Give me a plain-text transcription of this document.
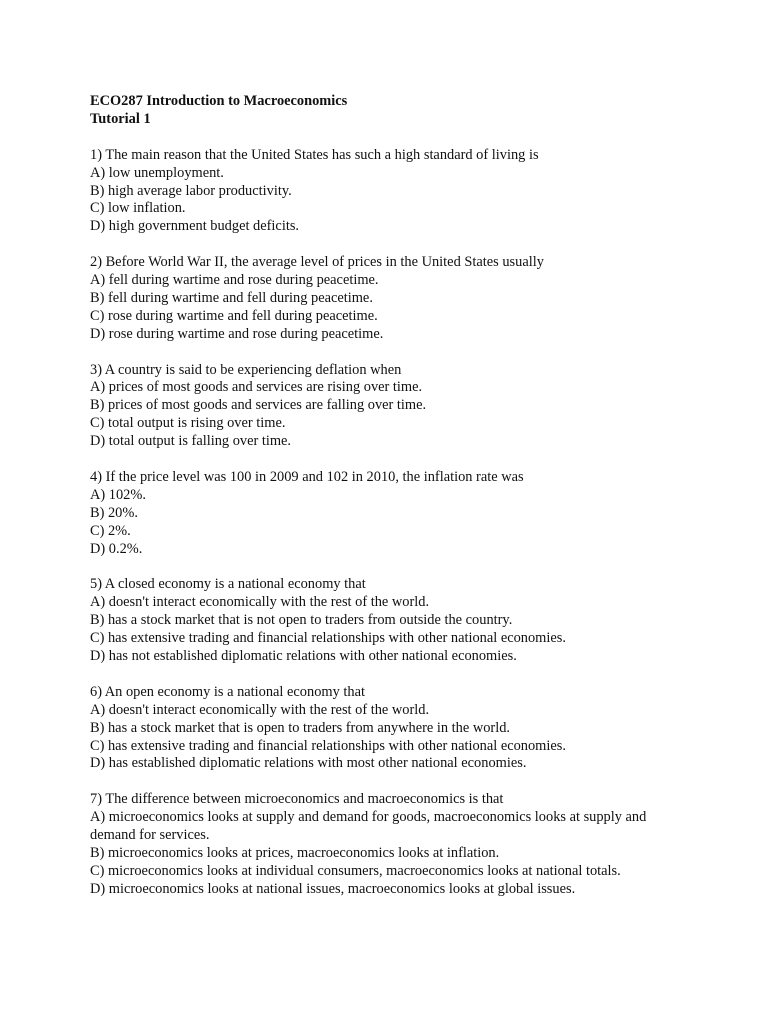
ECO287 Introduction to Macroeconomics
Tutorial 1
1) The main reason that the United States has such a high standard of living is
A) low unemployment.
B) high average labor productivity.
C) low inflation.
D) high government budget deficits.
2) Before World War II, the average level of prices in the United States usually
A) fell during wartime and rose during peacetime.
B) fell during wartime and fell during peacetime.
C) rose during wartime and fell during peacetime.
D) rose during wartime and rose during peacetime.
3) A country is said to be experiencing deflation when
A) prices of most goods and services are rising over time.
B) prices of most goods and services are falling over time.
C) total output is rising over time.
D) total output is falling over time.
4) If the price level was 100 in 2009 and 102 in 2010, the inflation rate was
A) 102%.
B) 20%.
C) 2%.
D) 0.2%.
5) A closed economy is a national economy that
A) doesn't interact economically with the rest of the world.
B) has a stock market that is not open to traders from outside the country.
C) has extensive trading and financial relationships with other national economies.
D) has not established diplomatic relations with other national economies.
6) An open economy is a national economy that
A) doesn't interact economically with the rest of the world.
B) has a stock market that is open to traders from anywhere in the world.
C) has extensive trading and financial relationships with other national economies.
D) has established diplomatic relations with most other national economies.
7) The difference between microeconomics and macroeconomics is that
A) microeconomics looks at supply and demand for goods, macroeconomics looks at supply and demand for services.
B) microeconomics looks at prices, macroeconomics looks at inflation.
C) microeconomics looks at individual consumers, macroeconomics looks at national totals.
D) microeconomics looks at national issues, macroeconomics looks at global issues.
